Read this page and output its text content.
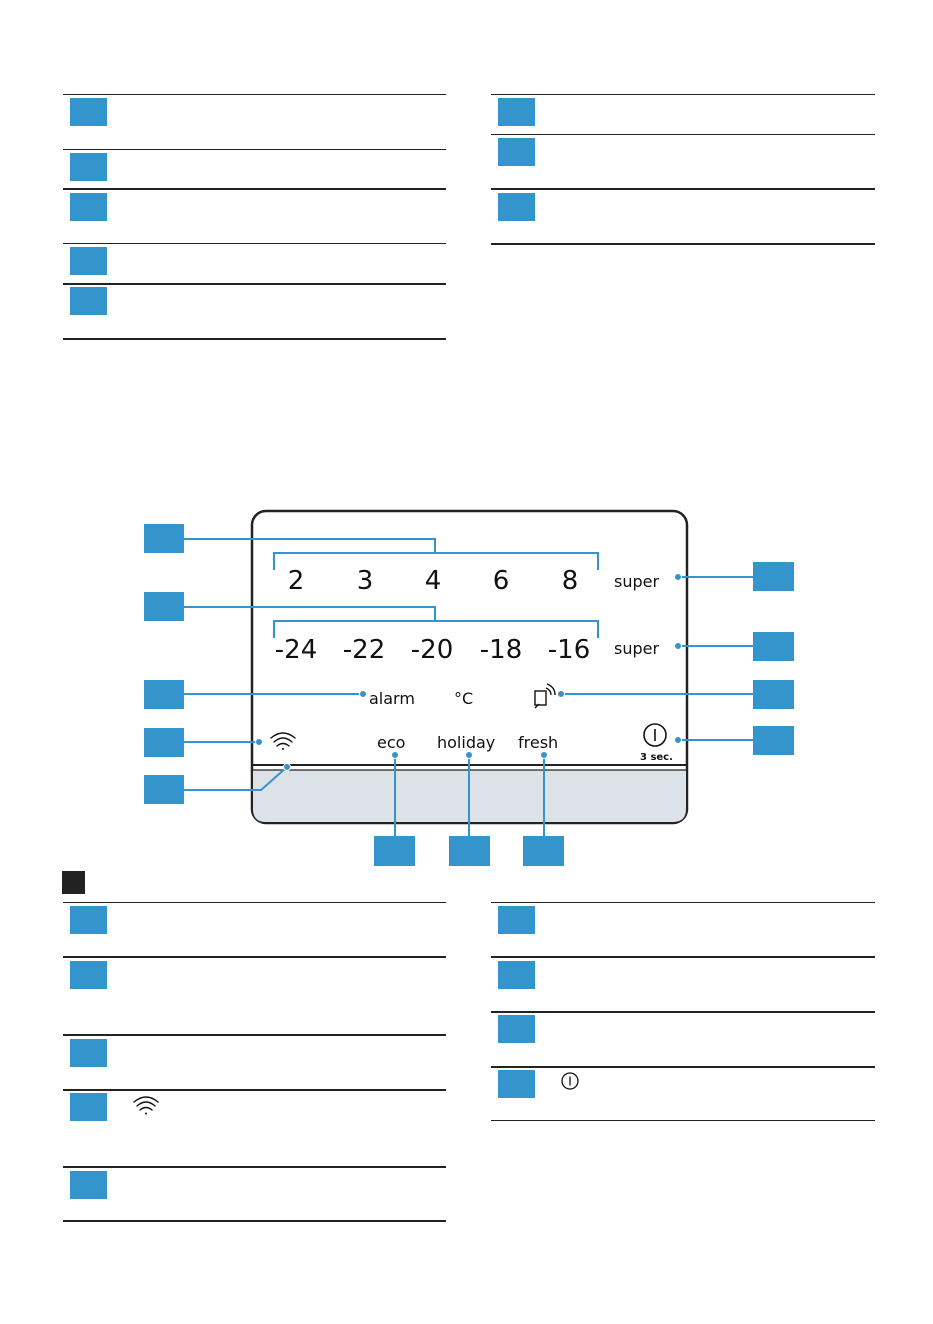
2 3 4 6 8
-24 -22 -20 -18 -16
super
super
alarm °C
eco holiday fresh
3 sec.
